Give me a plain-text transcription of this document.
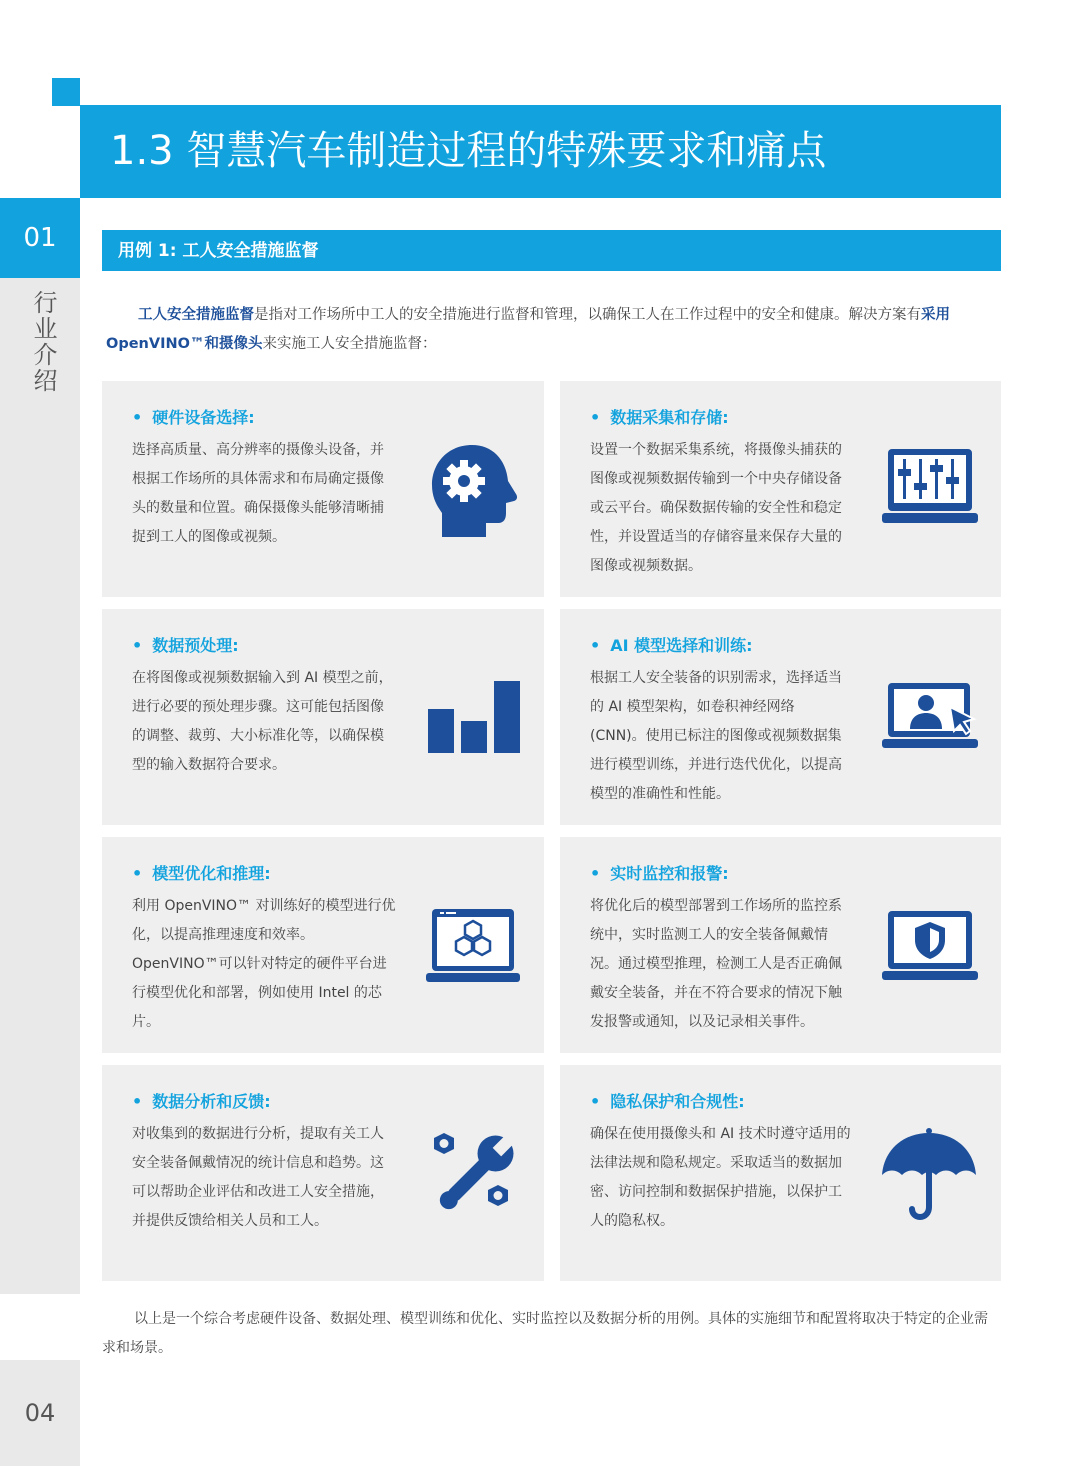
01
行业介绍
04
1.3 智慧汽车制造过程的特殊要求和痛点
用例 1: 工人安全措施监督

工人安全措施监督是指对工作场所中工人的安全措施进行监督和管理，以确保工人在工作过程中的安全和健康。解决方案有采用 OpenVINO™和摄像头来实施工人安全措施监督：

• 硬件设备选择:

选择高质量、高分辨率的摄像头设备，并根据工作场所的具体需求和布局确定摄像头的数量和位置。确保摄像头能够清晰捕捉到工人的图像或视频。

• 数据采集和存储:

设置一个数据采集系统，将摄像头捕获的图像或视频数据传输到一个中央存储设备或云平台。确保数据传输的安全性和稳定性，并设置适当的存储容量来保存大量的图像或视频数据。

• 数据预处理:

在将图像或视频数据输入到 AI 模型之前，进行必要的预处理步骤。这可能包括图像的调整、裁剪、大小标准化等，以确保模型的输入数据符合要求。

• AI 模型选择和训练:

根据工人安全装备的识别需求，选择适当的 AI 模型架构，如卷积神经网络 (CNN)。使用已标注的图像或视频数据集进行模型训练，并进行迭代优化，以提高模型的准确性和性能。

• 模型优化和推理:

利用 OpenVINO™ 对训练好的模型进行优化，以提高推理速度和效率。OpenVINO™可以针对特定的硬件平台进行模型优化和部署，例如使用 Intel 的芯片。

• 实时监控和报警:

将优化后的模型部署到工作场所的监控系统中，实时监测工人的安全装备佩戴情况。通过模型推理，检测工人是否正确佩戴安全装备，并在不符合要求的情况下触发报警或通知，以及记录相关事件。

• 数据分析和反馈:

对收集到的数据进行分析，提取有关工人安全装备佩戴情况的统计信息和趋势。这可以帮助企业评估和改进工人安全措施，并提供反馈给相关人员和工人。

• 隐私保护和合规性:

确保在使用摄像头和 AI 技术时遵守适用的法律法规和隐私规定。采取适当的数据加密、访问控制和数据保护措施，以保护工人的隐私权。

以上是一个综合考虑硬件设备、数据处理、模型训练和优化、实时监控以及数据分析的用例。具体的实施细节和配置将取决于特定的企业需求和场景。
